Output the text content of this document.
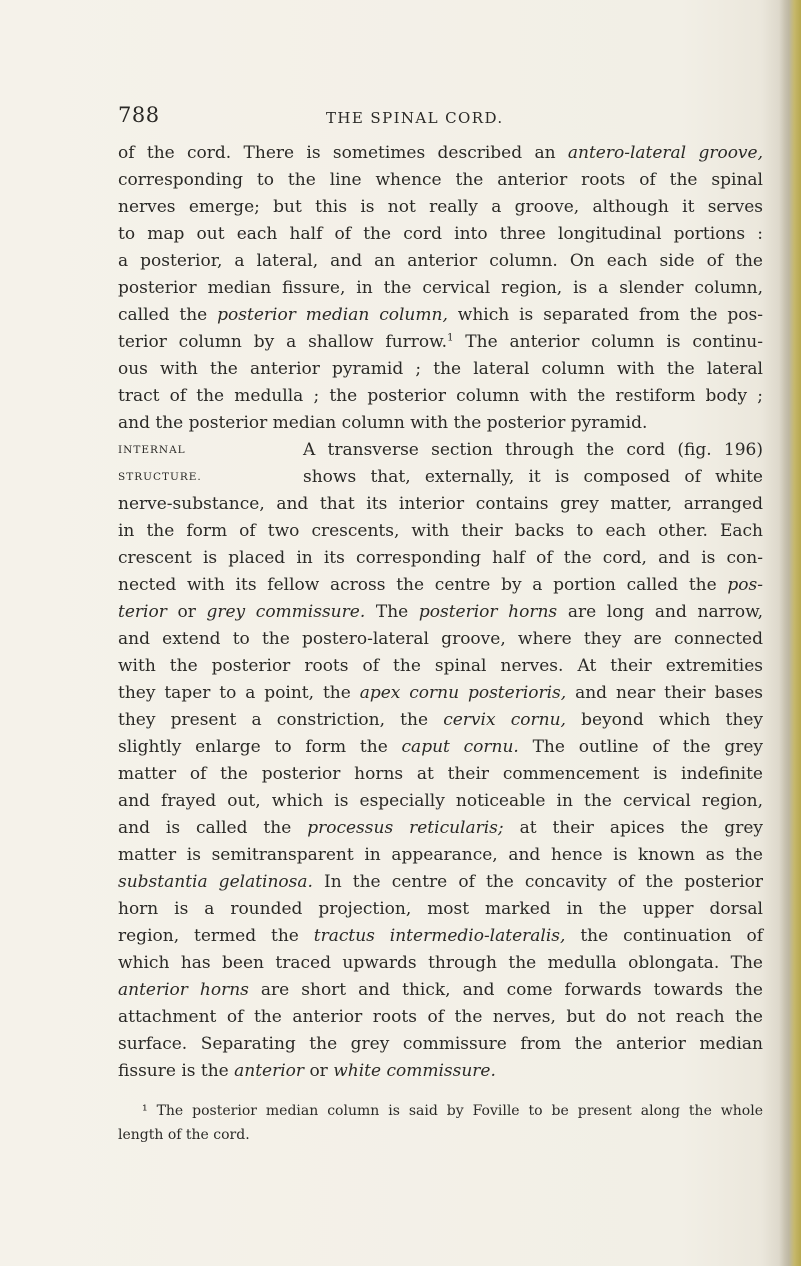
788	THE SPINAL CORD.
of the cord. There is sometimes described an antero-lateral groove,
corresponding to the line whence the anterior roots of the spinal
nerves emerge; but this is not really a groove, although it serves
to map out each half of the cord into three longitudinal portions :
a posterior, a lateral, and an anterior column. On each side of the
posterior median fissure, in the cervical region, is a slender column,
called the posterior median column, which is separated from the pos-
terior column by a shallow furrow.$^1$ The anterior column is continu-
ous with the anterior pyramid ; the lateral column with the lateral
tract of the medulla ; the posterior column with the restiform body ;
and the posterior median column with the posterior pyramid.
INTERNAL	A transverse section through the cord (fig. 196)
STRUCTURE.	shows that, externally, it is composed of white
nerve-substance, and that its interior contains grey matter, arranged
in the form of two crescents, with their backs to each other. Each
crescent is placed in its corresponding half of the cord, and is con-
nected with its fellow across the centre by a portion called the pos-
terior or grey commissure. The posterior horns are long and narrow,
and extend to the postero-lateral groove, where they are connected
with the posterior roots of the spinal nerves. At their extremities
they taper to a point, the apex cornu posterioris, and near their bases
they present a constriction, the cervix cornu, beyond which they
slightly enlarge to form the caput cornu. The outline of the grey
matter of the posterior horns at their commencement is indefinite
and frayed out, which is especially noticeable in the cervical region,
and is called the processus reticularis; at their apices the grey
matter is semitransparent in appearance, and hence is known as the
substantia gelatinosa. In the centre of the concavity of the posterior
horn is a rounded projection, most marked in the upper dorsal
region, termed the tractus intermedio-lateralis, the continuation of
which has been traced upwards through the medulla oblongata. The
anterior horns are short and thick, and come forwards towards the
attachment of the anterior roots of the nerves, but do not reach the
surface. Separating the grey commissure from the anterior median
fissure is the anterior or white commissure.
¹ The posterior median column is said by Foville to be present along the whole
length of the cord.
